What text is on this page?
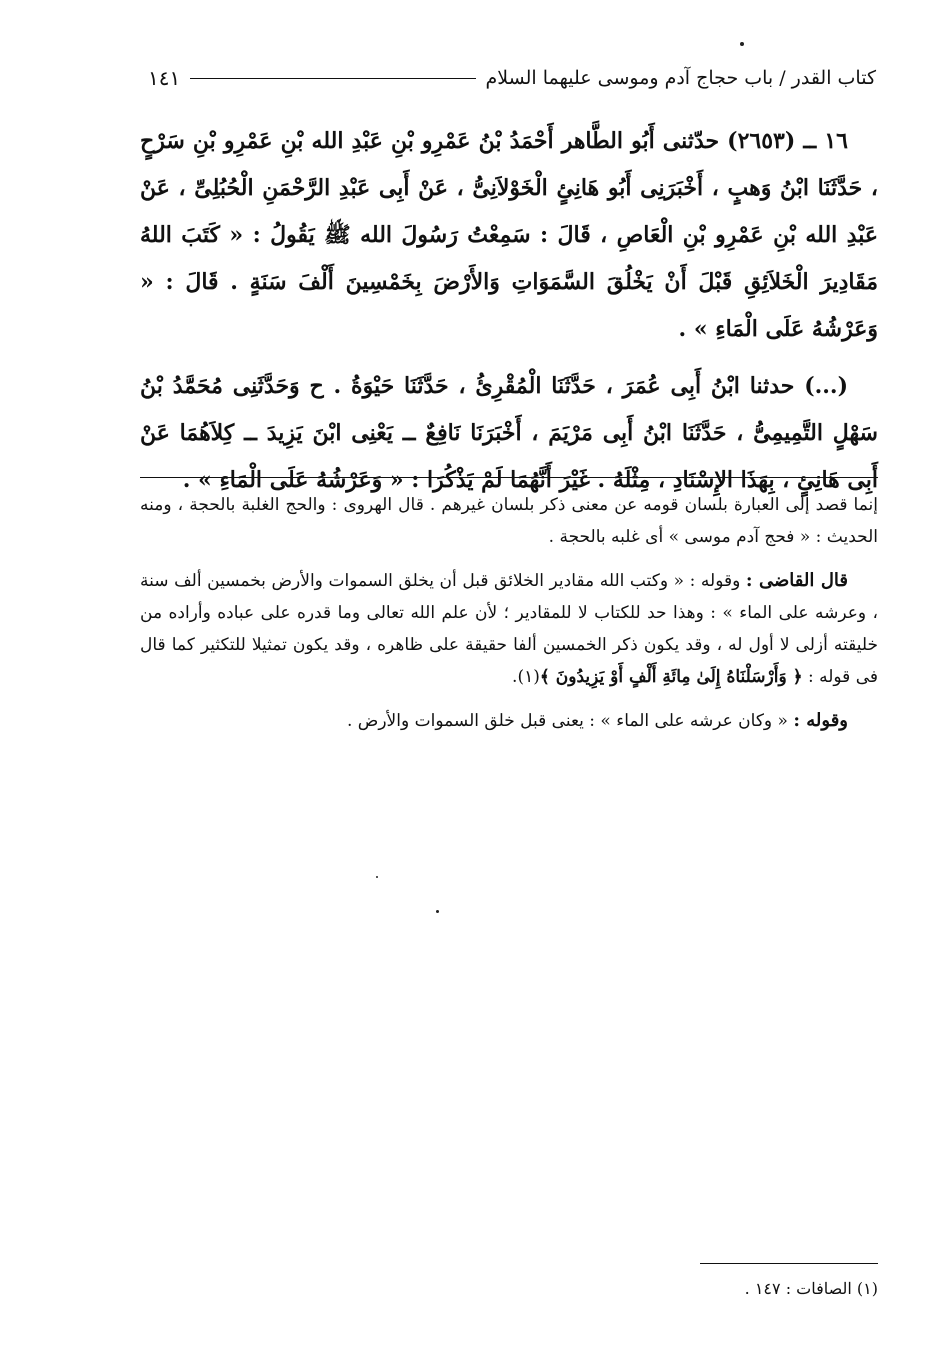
كتاب القدر / باب حجاج آدم وموسى عليهما السلام
١٤١

١٦ ــ (٢٦٥٣) حدّثنى أَبُو الطَّاهر أَحْمَدُ بْنُ عَمْرِو بْنِ عَبْدِ الله بْنِ عَمْرِو بْنِ سَرْحٍ ، حَدَّثَنَا ابْنُ وَهبٍ ، أَخْبَرَنِى أَبُو هَانِئٍ الْخَوْلاَنِىُّ ، عَنْ أَبِى عَبْدِ الرَّحْمَنِ الْحُبُلِىِّ ، عَنْ عَبْدِ الله بْنِ عَمْرِو بْنِ الْعَاصِ ، قَالَ : سَمِعْتُ رَسُولَ الله ﷺ يَقُولُ : « كَتَبَ اللهُ مَقَادِيرَ الْخَلاَئِقِ قَبْلَ أَنْ يَخْلُقَ السَّمَوَاتِ وَالأَرْضَ بِخَمْسِينَ أَلْفَ سَنَةٍ . قَالَ : « وَعَرْشُهُ عَلَى الْمَاءِ » .

(...) حدثنا ابْنُ أَبِى عُمَرَ ، حَدَّثَنَا الْمُقْرِئُ ، حَدَّثَنَا حَيْوَةُ . ح وَحَدَّثَنِى مُحَمَّدُ بْنُ سَهْلٍ التَّمِيمِىُّ ، حَدَّثَنَا ابْنُ أَبِى مَرْيَمَ ، أَخْبَرَنَا نَافِعٌ ــ يَعْنِى ابْنَ يَزِيدَ ــ كِلاَهُمَا عَنْ أَبِى هَانِئٍ ، بِهَذَا الإِسْنَادِ ، مِثْلَهُ . غَيْرَ أَنَّهُمَا لَمْ يَذْكُرَا : « وَعَرْشُهُ عَلَى الْمَاءِ » .

إنما قصد إلى العبارة بلسان قومه عن معنى ذكر بلسان غيرهم . قال الهروى : والحج الغلبة بالحجة ، ومنه الحديث : « فحج آدم موسى » أى غلبه بالحجة .

قال القاضى : وقوله : « وكتب الله مقادير الخلائق قبل أن يخلق السموات والأرض بخمسين ألف سنة ، وعرشه على الماء » : وهذا حد للكتاب لا للمقادير ؛ لأن علم الله تعالى وما قدره على عباده وأراده من خليقته أزلى لا أول له ، وقد يكون ذكر الخمسين ألفا حقيقة على ظاهره ، وقد يكون تمثيلا للتكثير كما قال فى قوله : ﴿ وَأَرْسَلْنَاهُ إِلَىٰ مِائَةِ أَلْفٍ أَوْ يَزِيدُونَ ﴾(١).

وقوله : « وكان عرشه على الماء » : يعنى قبل خلق السموات والأرض .

(١) الصافات : ١٤٧ .
